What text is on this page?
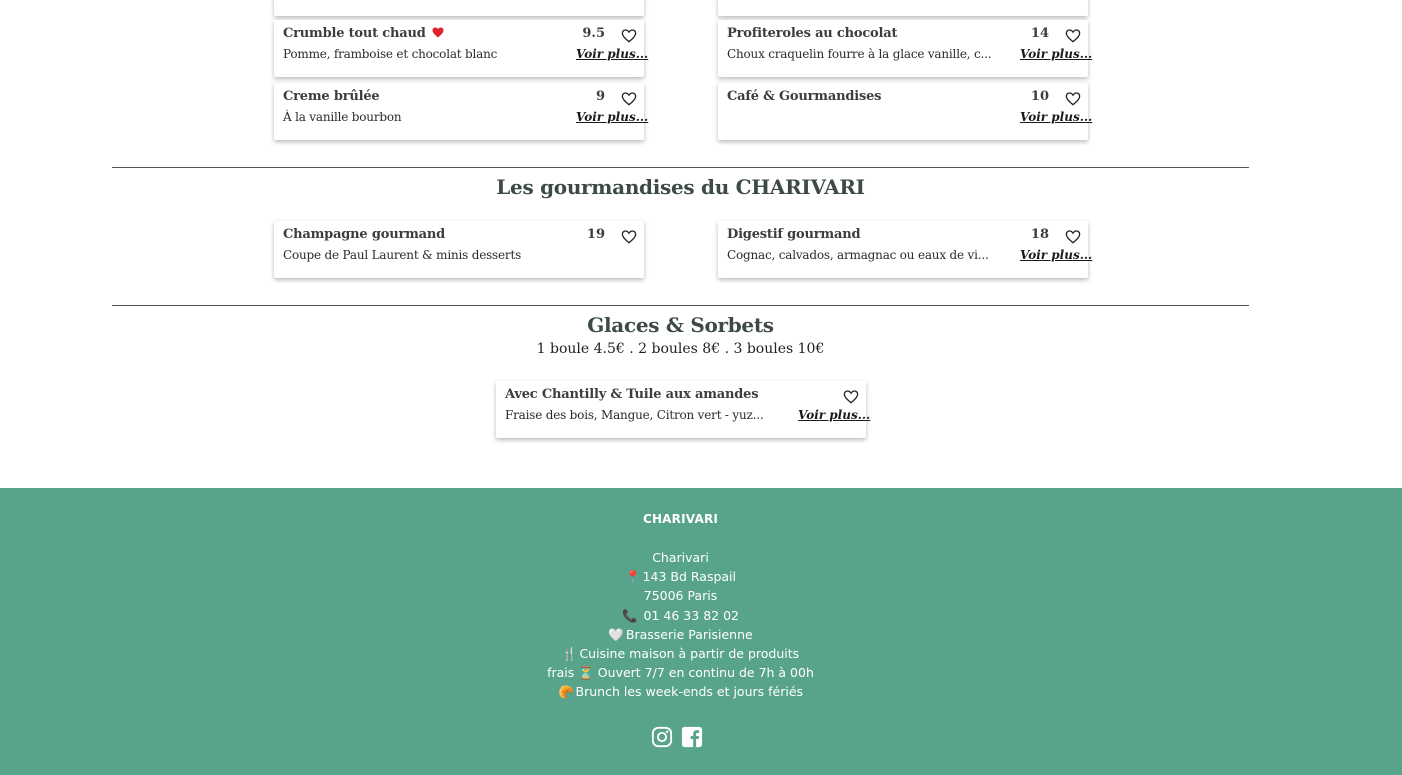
Crumble tout chaud
Pomme, framboise et chocolat blanc
9.5
Voir plus...
Profiteroles au chocolat
Choux craquelin fourre à la glace vanille, c...
14
Voir plus...
Creme brûlée
À la vanille bourbon
9
Voir plus...
Café & Gourmandises	10
Voir plus...
Les gourmandises du CHARIVARI
Champagne gourmand
Coupe de Paul Laurent & minis desserts
19	Digestif gourmand
Cognac, calvados, armagnac ou eaux de vi...
18
Voir plus...
Glaces & Sorbets
1 boule 4.5€ . 2 boules 8€ . 3 boules 10€
Avec Chantilly & Tuile aux amandes
Fraise des bois, Mangue, Citron vert - yuz...	Voir plus...
CHARIVARI
Charivari
📍 143 Bd Raspail
75006 Paris
📞 01 46 33 82 02
🤍 Brasserie Parisienne
🍴 Cuisine maison à partir de produits
frais ⏳ Ouvert 7/7 en continu de 7h à 00h
🥐 Brunch les week-ends et jours fériés
